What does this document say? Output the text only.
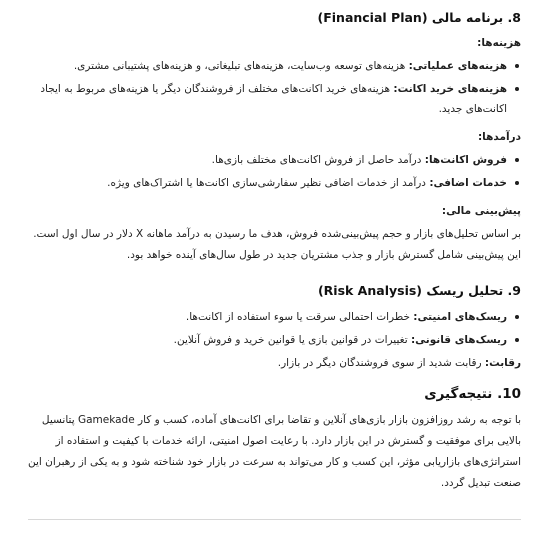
8. برنامه مالی (Financial Plan)
هزینه‌ها:
هزینه‌های عملیاتی: هزینه‌های توسعه وب‌سایت، هزینه‌های تبلیغاتی، و هزینه‌های پشتیبانی مشتری.
هزینه‌های خرید اکانت: هزینه‌های خرید اکانت‌های مختلف از فروشندگان دیگر یا هزینه‌های مربوط به ایجاد اکانت‌های جدید.
درآمدها:
فروش اکانت‌ها: درآمد حاصل از فروش اکانت‌های مختلف بازی‌ها.
خدمات اضافی: درآمد از خدمات اضافی نظیر سفارشی‌سازی اکانت‌ها یا اشتراک‌های ویژه.
پیش‌بینی مالی:

بر اساس تحلیل‌های بازار و حجم پیش‌بینی‌شده فروش، هدف ما رسیدن به درآمد ماهانه X دلار در سال اول است. این پیش‌بینی شامل گسترش بازار و جذب مشتریان جدید در طول سال‌های آینده خواهد بود.

9. تحلیل ریسک (Risk Analysis)
ریسک‌های امنیتی: خطرات احتمالی سرقت یا سوء استفاده از اکانت‌ها.
ریسک‌های قانونی: تغییرات در قوانین بازی یا قوانین خرید و فروش آنلاین.
رقابت: رقابت شدید از سوی فروشندگان دیگر در بازار.
10. نتیجه‌گیری

با توجه به رشد روزافزون بازار بازی‌های آنلاین و تقاضا برای اکانت‌های آماده، کسب و کار Gamekade پتانسیل بالایی برای موفقیت و گسترش در این بازار دارد. با رعایت اصول امنیتی، ارائه خدمات با کیفیت و استفاده از استراتژی‌های بازاریابی مؤثر، این کسب و کار می‌تواند به سرعت در بازار خود شناخته شود و به یکی از رهبران این صنعت تبدیل گردد.
